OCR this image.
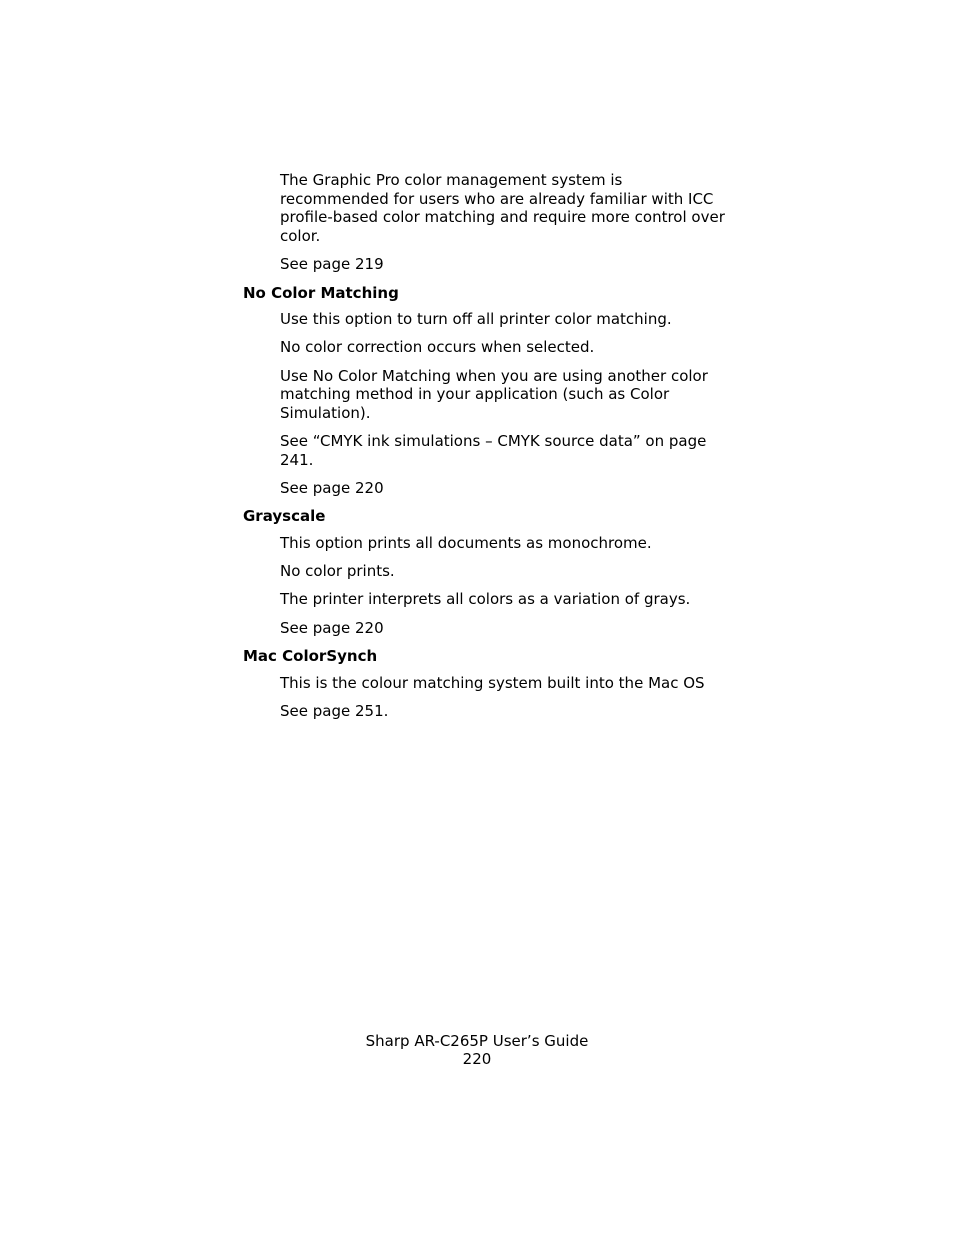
The Graphic Pro color management system is recommended for users who are already familiar with ICC profile-based color matching and require more control over color.

See page 219

No Color Matching

Use this option to turn off all printer color matching.

No color correction occurs when selected.

Use No Color Matching when you are using another color matching method in your application (such as Color Simulation).

See “CMYK ink simulations – CMYK source data” on page 241.

See page 220

Grayscale

This option prints all documents as monochrome.

No color prints.

The printer interprets all colors as a variation of grays.

See page 220

Mac ColorSynch

This is the colour matching system built into the Mac OS

See page 251.

Sharp AR-C265P User’s Guide
220
